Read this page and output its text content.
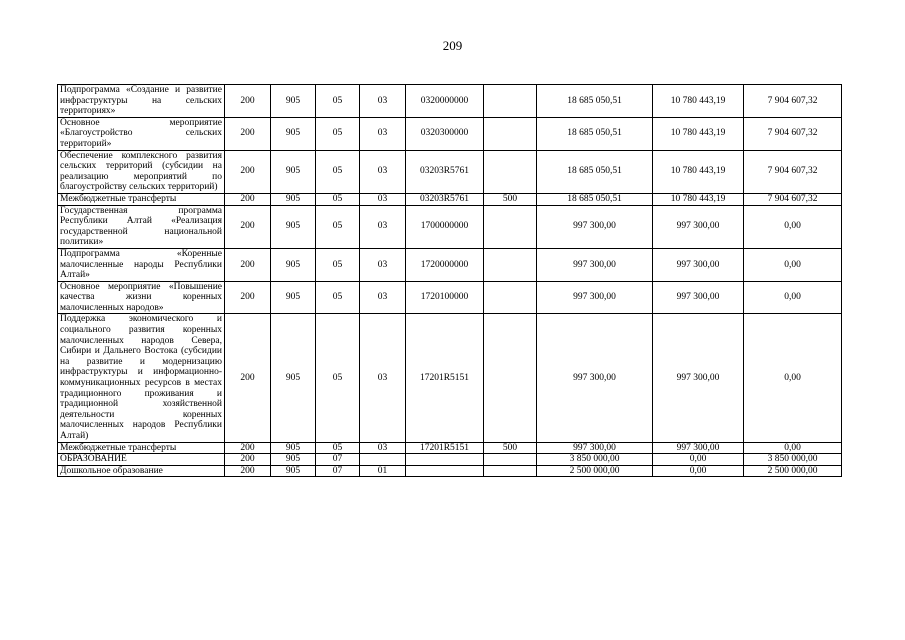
209
Подпрограмма «Создание и развитие инфраструктуры на сельских территориях»	200	905	05	03	0320000000		18 685 050,51	10 780 443,19	7 904 607,32
Основное мероприятие «Благоустройство сельских территорий»	200	905	05	03	0320300000		18 685 050,51	10 780 443,19	7 904 607,32
Обеспечение комплексного развития сельских территорий (субсидии на реализацию мероприятий по благоустройству сельских территорий)	200	905	05	03	03203R5761		18 685 050,51	10 780 443,19	7 904 607,32
Межбюджетные трансферты	200	905	05	03	03203R5761	500	18 685 050,51	10 780 443,19	7 904 607,32
Государственная программа Республики Алтай «Реализация государственной национальной политики»	200	905	05	03	1700000000		997 300,00	997 300,00	0,00
Подпрограмма «Коренные малочисленные народы Республики Алтай»	200	905	05	03	1720000000		997 300,00	997 300,00	0,00
Основное мероприятие «Повышение качества жизни коренных малочисленных народов»	200	905	05	03	1720100000		997 300,00	997 300,00	0,00
Поддержка экономического и социального развития коренных малочисленных народов Севера, Сибири и Дальнего Востока (субсидии на развитие и модернизацию инфраструктуры и информационно-коммуникационных ресурсов в местах традиционного проживания и традиционной хозяйственной деятельности коренных малочисленных народов Республики Алтай)	200	905	05	03	17201R5151		997 300,00	997 300,00	0,00
Межбюджетные трансферты	200	905	05	03	17201R5151	500	997 300,00	997 300,00	0,00
ОБРАЗОВАНИЕ	200	905	07				3 850 000,00	0,00	3 850 000,00
Дошкольное образование	200	905	07	01			2 500 000,00	0,00	2 500 000,00
